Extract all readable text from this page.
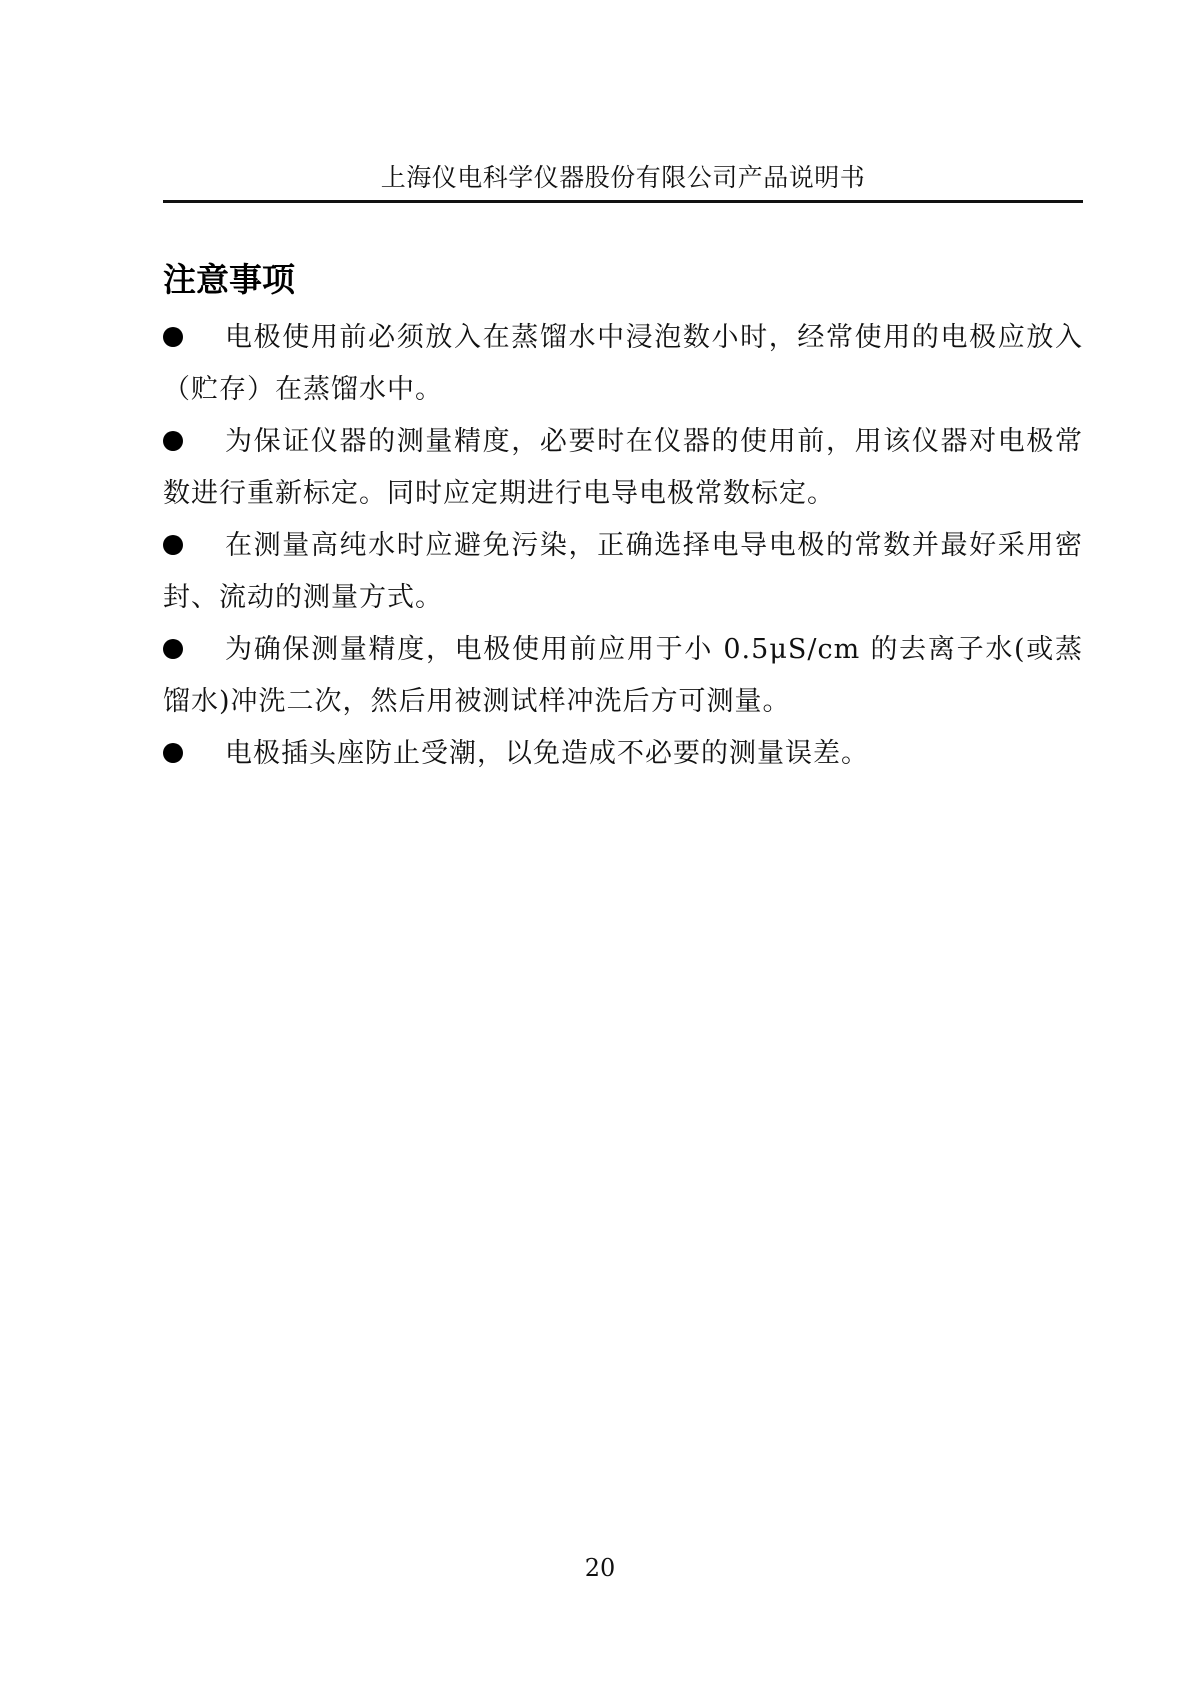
上海仪电科学仪器股份有限公司产品说明书
注意事项
电极使用前必须放入在蒸馏水中浸泡数小时，经常使用的电极应放入（贮存）在蒸馏水中。
为保证仪器的测量精度，必要时在仪器的使用前，用该仪器对电极常数进行重新标定。同时应定期进行电导电极常数标定。
在测量高纯水时应避免污染，正确选择电导电极的常数并最好采用密封、流动的测量方式。
为确保测量精度，电极使用前应用于小 0.5μS/cm 的去离子水(或蒸馏水)冲洗二次，然后用被测试样冲洗后方可测量。
电极插头座防止受潮，以免造成不必要的测量误差。
20
